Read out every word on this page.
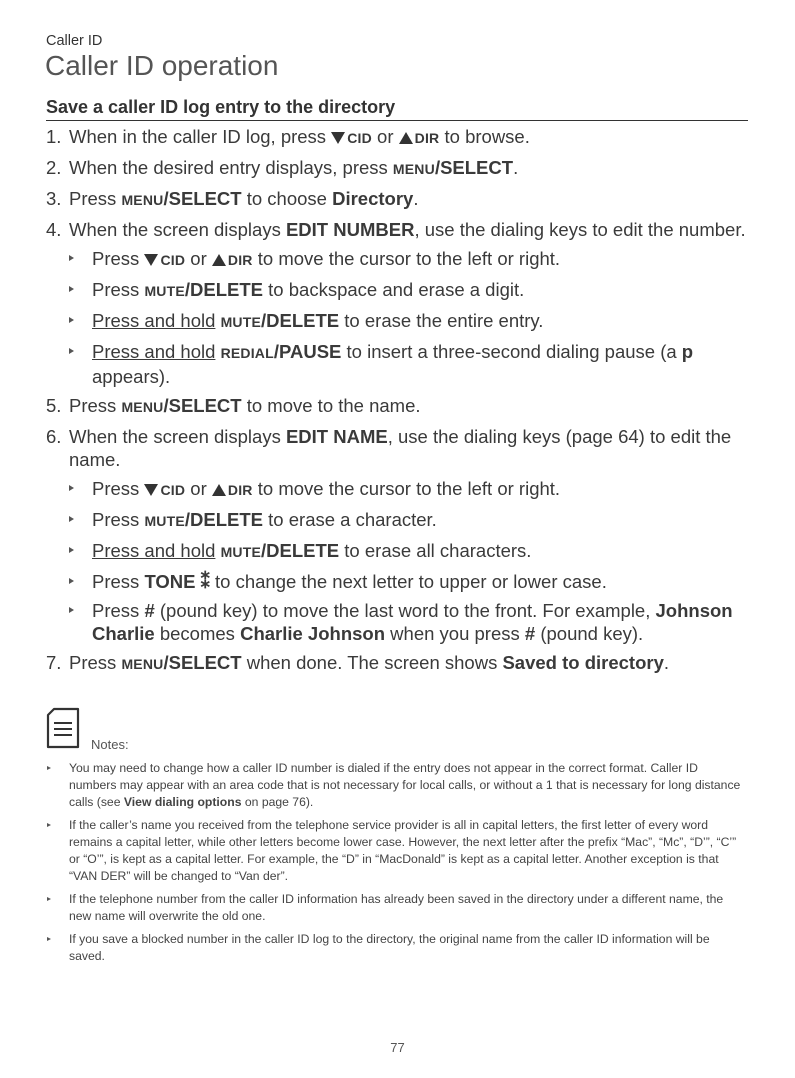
Caller ID
Caller ID operation
Save a caller ID log entry to the directory
1. When in the caller ID log, press CID or DIR to browse.
2. When the desired entry displays, press MENU/SELECT.
3. Press MENU/SELECT to choose Directory.
4. When the screen displays EDIT NUMBER, use the dialing keys to edit the number.
Press CID or DIR to move the cursor to the left or right.
Press MUTE/DELETE to backspace and erase a digit.
Press and hold MUTE/DELETE to erase the entire entry.
Press and hold REDIAL/PAUSE to insert a three-second dialing pause (a p appears).
5. Press MENU/SELECT to move to the name.
6. When the screen displays EDIT NAME, use the dialing keys (page 64) to edit the name.
Press CID or DIR to move the cursor to the left or right.
Press MUTE/DELETE to erase a character.
Press and hold MUTE/DELETE to erase all characters.
Press TONE ⁑ to change the next letter to upper or lower case.
Press # (pound key) to move the last word to the front. For example, Johnson Charlie becomes Charlie Johnson when you press # (pound key).
7. Press MENU/SELECT when done. The screen shows Saved to directory.
Notes:
You may need to change how a caller ID number is dialed if the entry does not appear in the correct format. Caller ID numbers may appear with an area code that is not necessary for local calls, or without a 1 that is necessary for long distance calls (see View dialing options on page 76).
If the caller’s name you received from the telephone service provider is all in capital letters, the first letter of every word remains a capital letter, while other letters become lower case. However, the next letter after the prefix “Mac”, “Mc”, “D’”, “C’” or “O’”, is kept as a capital letter. For example, the “D” in “MacDonald” is kept as a capital letter. Another exception is that “VAN DER” will be changed to “Van der”.
If the telephone number from the caller ID information has already been saved in the directory under a different name, the new name will overwrite the old one.
If you save a blocked number in the caller ID log to the directory, the original name from the caller ID information will be saved.
77
